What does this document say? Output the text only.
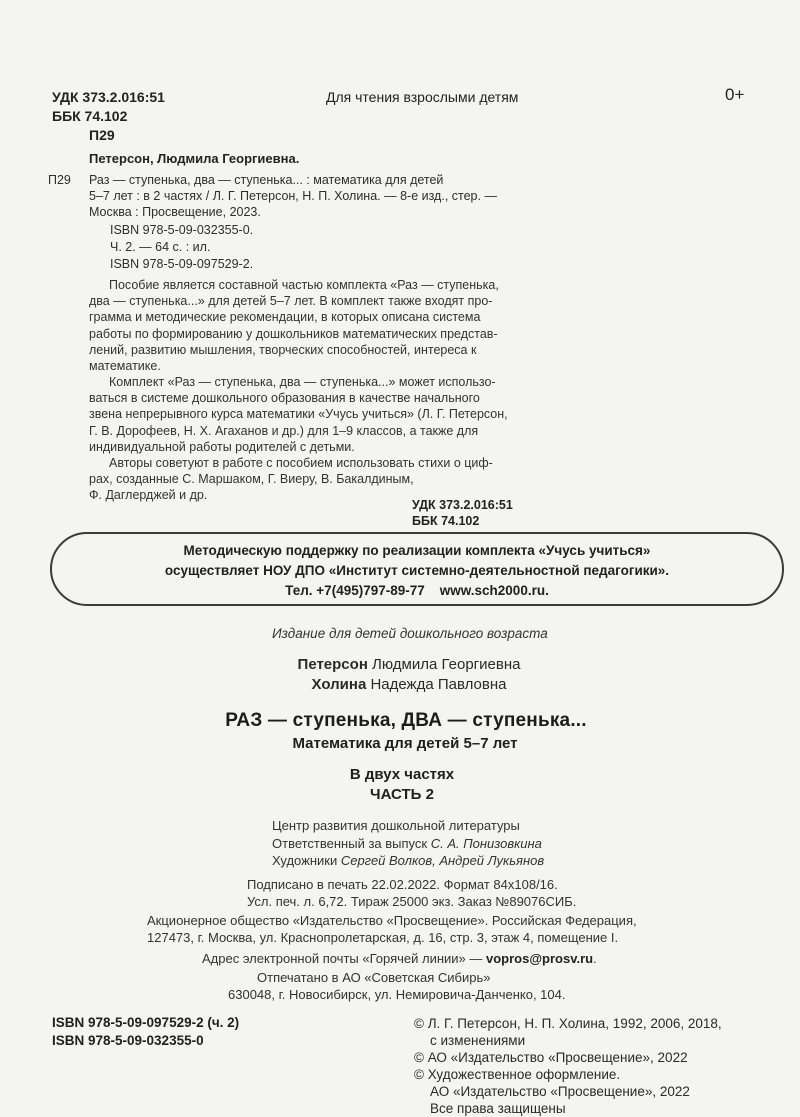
УДК 373.2.016:51
ББК 74.102
П29
Для чтения взрослыми детям	0+
Петерсон, Людмила Георгиевна.
П29 Раз — ступенька, два — ступенька... : математика для детей
5–7 лет : в 2 частях / Л. Г. Петерсон, Н. П. Холина. — 8-е изд., стер. —
Москва : Просвещение, 2023.
ISBN 978-5-09-032355-0.
Ч. 2. — 64 с. : ил.
ISBN 978-5-09-097529-2.
Пособие является составной частью комплекта «Раз — ступенька,
два — ступенька...» для детей 5–7 лет. В комплект также входят про-
грамма и методические рекомендации, в которых описана система
работы по формированию у дошкольников математических представ-
лений, развитию мышления, творческих способностей, интереса к
математике.
Комплект «Раз — ступенька, два — ступенька...» может использо-
ваться в системе дошкольного образования в качестве начального
звена непрерывного курса математики «Учусь учиться» (Л. Г. Петерсон,
Г. В. Дорофеев, Н. Х. Агаханов и др.) для 1–9 классов, а также для
индивидуальной работы родителей с детьми.
Авторы советуют в работе с пособием использовать стихи о циф-
рах, созданные С. Маршаком, Г. Виеру, В. Бакалдиным,
Ф. Даглерджей и др.
УДК 373.2.016:51
ББК 74.102
Методическую поддержку по реализации комплекта «Учусь учиться»
осуществляет НОУ ДПО «Институт системно-деятельностной педагогики».
Тел. +7(495)797-89-77 www.sch2000.ru.
Издание для детей дошкольного возраста
Петерсон Людмила Георгиевна
Холина Надежда Павловна
РАЗ — ступенька, ДВА — ступенька...
Математика для детей 5–7 лет
В двух частях
ЧАСТЬ 2
Центр развития дошкольной литературы
Ответственный за выпуск С. А. Понизовкина
Художники Сергей Волков, Андрей Лукьянов
Подписано в печать 22.02.2022. Формат 84х108/16.
Усл. печ. л. 6,72. Тираж 25000 экз. Заказ №89076СИБ.
Акционерное общество «Издательство «Просвещение». Российская Федерация,
127473, г. Москва, ул. Краснопролетарская, д. 16, стр. 3, этаж 4, помещение I.
Адрес электронной почты «Горячей линии» — vopros@prosv.ru.
Отпечатано в АО «Советская Сибирь»
630048, г. Новосибирск, ул. Немировича-Данченко, 104.
ISBN 978-5-09-097529-2 (ч. 2)
ISBN 978-5-09-032355-0
© Л. Г. Петерсон, Н. П. Холина, 1992, 2006, 2018,
с изменениями
© АО «Издательство «Просвещение», 2022
© Художественное оформление.
АО «Издательство «Просвещение», 2022
Все права защищены
